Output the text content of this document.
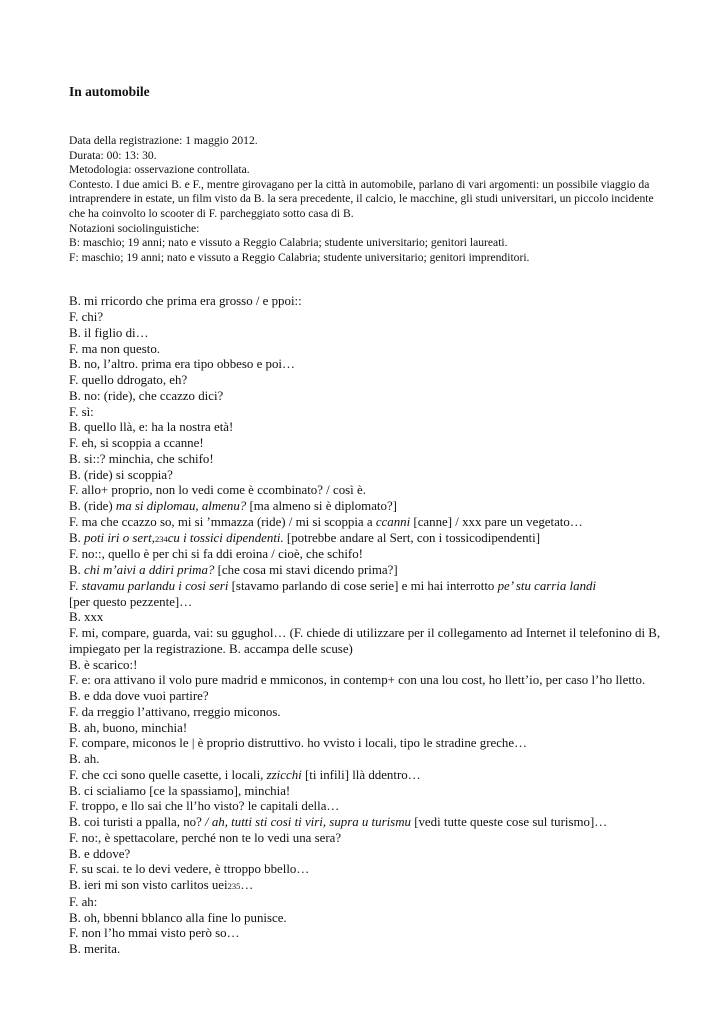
In automobile

Data della registrazione: 1 maggio 2012.

Durata: 00: 13: 30.

Metodologia: osservazione controllata.

Contesto. I due amici B. e F., mentre girovagano per la città in automobile, parlano di vari argomenti: un possibile viaggio da intraprendere in estate, un film visto da B. la sera precedente, il calcio, le macchine, gli studi universitari, un piccolo incidente che ha coinvolto lo scooter di F. parcheggiato sotto casa di B.

Notazioni sociolinguistiche:

B: maschio; 19 anni; nato e vissuto a Reggio Calabria; studente universitario; genitori laureati.

F: maschio; 19 anni; nato e vissuto a Reggio Calabria; studente universitario; genitori imprenditori.

B. mi rricordo che prima era grosso / e ppoi::

F. chi?

B. il figlio di…

F. ma non questo.

B. no, l’altro. prima era tipo obbeso e poi…

F. quello ddrogato, eh?

B. no: (ride), che ccazzo dici?

F. sì:

B. quello llà, e: ha la nostra età!

F. eh, si scoppia a ccanne!

B. si::? minchia, che schifo!

B. (ride) si scoppia?

F. allo+ proprio, non lo vedi come è ccombinato? / così è.

B. (ride) ma si diplomau, almenu? [ma almeno si è diplomato?]

F. ma che ccazzo so, mi si ’mmazza (ride) / mi si scoppia a ccanni [canne] / xxx pare un vegetato…

B. poti iri o sert,234cu i tossici dipendenti. [potrebbe andare al Sert, con i tossicodipendenti]

F. no::, quello è per chi si fa ddi eroina / cioè, che schifo!

B. chi m’aivi a ddiri prima? [che cosa mi stavi dicendo prima?]

F. stavamu parlandu i cosi seri [stavamo parlando di cose serie] e mi hai interrotto pe’ stu carria landi
[per questo pezzente]…

B. xxx

F. mi, compare, guarda, vai: su ggughol… (F. chiede di utilizzare per il collegamento ad Internet il telefonino di B, impiegato per la registrazione. B. accampa delle scuse)

B. è scarico:!

F. e: ora attivano il volo pure madrid e mmiconos, in contemp+ con una lou cost, ho llett’io, per caso l’ho lletto.

B. e dda dove vuoi partire?

F. da rreggio l’attivano, rreggio miconos.

B. ah, buono, minchia!

F. compare, miconos le | è proprio distruttivo. ho vvisto i locali, tipo le stradine greche…

B. ah.

F. che cci sono quelle casette, i locali, zzicchi [ti infili] llà ddentro…

B. ci scialiamo [ce la spassiamo], minchia!

F. troppo, e llo sai che ll’ho visto? le capitali della…

B. coi turisti a ppalla, no? / ah, tutti sti cosi ti viri, supra u turismu [vedi tutte queste cose sul turismo]…

F. no:, è spettacolare, perché non te lo vedi una sera?

B. e ddove?

F. su scai. te lo devi vedere, è ttroppo bbello…

B. ieri mi son visto carlitos uei235…

F. ah:

B. oh, bbenni bblanco alla fine lo punisce.

F. non l’ho mmai visto però so…

B. merita.
